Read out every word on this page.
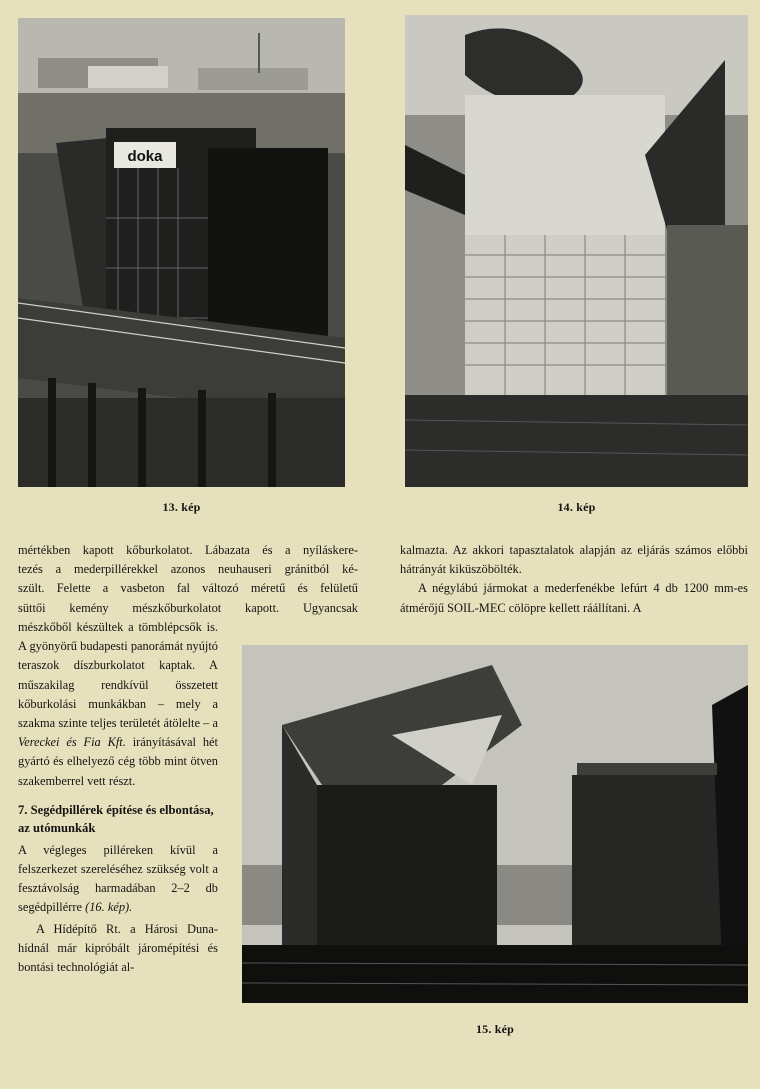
doka
13. kép	14. kép
15. kép

mértékben kapott kőburkolatot. Lábazata és a nyíláskere-

tezés a mederpillérekkel azonos neuhauseri gránitból ké-

szült. Felette a vasbeton fal változó méretű és felületű

süttői kemény mészkőburkolatot kapott. Ugyancsak

mészkőből készültek a tömblépcsők is. A gyönyörű budapesti panorámát nyújtó teraszok díszburkolatot kaptak. A műszakilag rendkívül összetett kőburkolási munkákban – mely a szakma szinte teljes területét átölelte – a Vereckei és Fia Kft. irányításával hét gyártó és elhelyező cég több mint ötven szakemberrel vett részt.

7. Segédpillérek építése és elbontása, az utómunkák

A végleges pilléreken kívül a felszerkezet szereléséhez szükség volt a fesztávolság harmadában 2–2 db segédpillérre (16. kép).

A Hídépítő Rt. a Hárosi Duna-hídnál már kipróbált járomépítési és bontási technológiát al-

kalmazta. Az akkori tapasztalatok alapján az eljárás számos előbbi hátrányát kiküszöbölték.

A négylábú jármokat a mederfenékbe lefúrt 4 db 1200 mm-es átmérőjű SOIL-MEC cölöpre kellett ráállítani. A
